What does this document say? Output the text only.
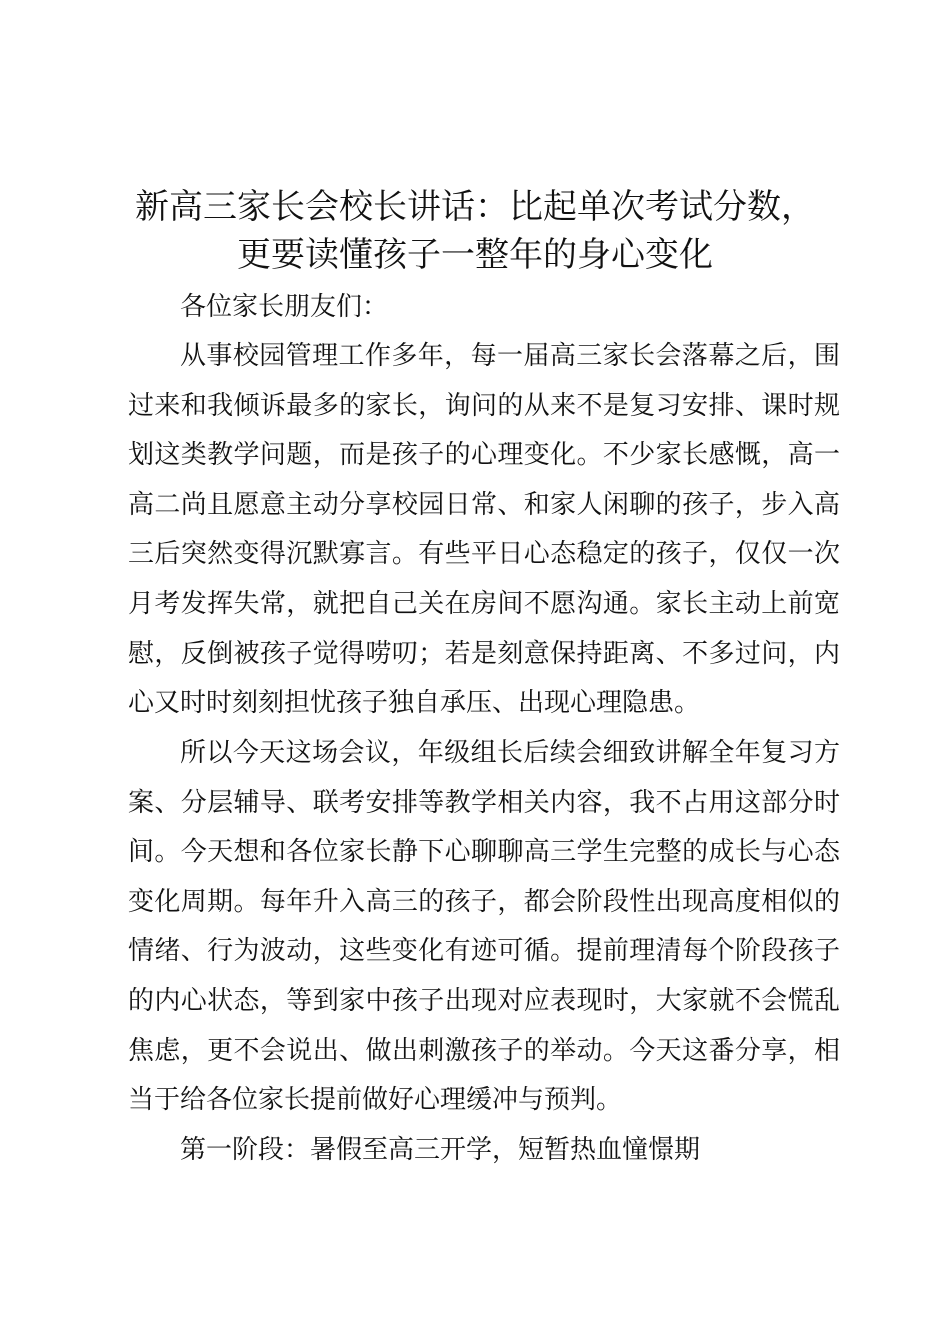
新高三家长会校长讲话：比起单次考试分数，
更要读懂孩子一整年的身心变化

各位家长朋友们：

从事校园管理工作多年，每一届高三家长会落幕之后，围过来和我倾诉最多的家长，询问的从来不是复习安排、课时规划这类教学问题，而是孩子的心理变化。不少家长感慨，高一高二尚且愿意主动分享校园日常、和家人闲聊的孩子，步入高三后突然变得沉默寡言。有些平日心态稳定的孩子，仅仅一次月考发挥失常，就把自己关在房间不愿沟通。家长主动上前宽慰，反倒被孩子觉得唠叨；若是刻意保持距离、不多过问，内心又时时刻刻担忧孩子独自承压、出现心理隐患。

所以今天这场会议，年级组长后续会细致讲解全年复习方案、分层辅导、联考安排等教学相关内容，我不占用这部分时间。今天想和各位家长静下心聊聊高三学生完整的成长与心态变化周期。每年升入高三的孩子，都会阶段性出现高度相似的情绪、行为波动，这些变化有迹可循。提前理清每个阶段孩子的内心状态，等到家中孩子出现对应表现时，大家就不会慌乱焦虑，更不会说出、做出刺激孩子的举动。今天这番分享，相当于给各位家长提前做好心理缓冲与预判。

第一阶段：暑假至高三开学，短暂热血憧憬期
